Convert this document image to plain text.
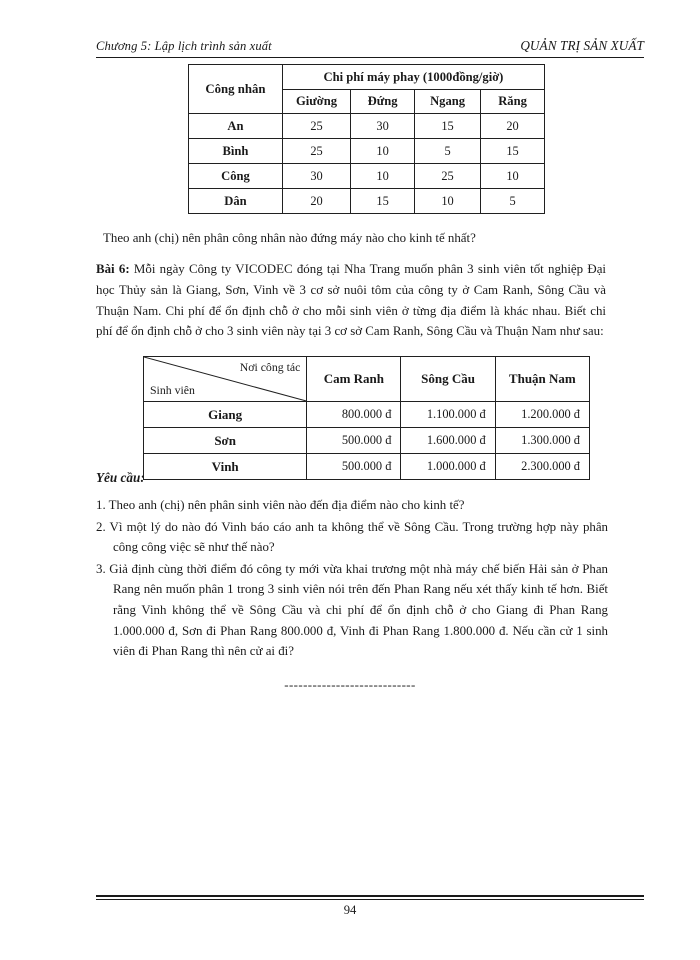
Chương 5: Lập lịch trình sản xuất	QUẢN TRỊ SẢN XUẤT
Công nhân	Chi phí máy phay (1000đồng/giờ)			
	Giường	Đứng	Ngang	Răng
An	25	30	15	20
Bình	25	10	5	15
Công	30	10	25	10
Dân	20	15	10	5
Theo anh (chị) nên phân công nhân nào đứng máy nào cho kinh tế nhất?
Bài 6: Mỗi ngày Công ty VICODEC đóng tại Nha Trang muốn phân 3 sinh viên tốt nghiệp Đại học Thủy sản là Giang, Sơn, Vinh về 3 cơ sở nuôi tôm của công ty ở Cam Ranh, Sông Cầu và Thuận Nam. Chi phí để ổn định chỗ ở cho mỗi sinh viên ở từng địa điểm là khác nhau. Biết chi phí để ổn định chỗ ở cho 3 sinh viên này tại 3 cơ sở Cam Ranh, Sông Cầu và Thuận Nam như sau:
Nơi công tác
Sinh viên	Cam Ranh	Sông Cầu	Thuận Nam
Giang	800.000 đ	1.100.000 đ	1.200.000 đ
Sơn	500.000 đ	1.600.000 đ	1.300.000 đ
Vinh	500.000 đ	1.000.000 đ	2.300.000 đ
Yêu cầu:
1. Theo anh (chị) nên phân sinh viên nào đến địa điểm nào cho kinh tế?
2. Vì một lý do nào đó Vinh báo cáo anh ta không thể về Sông Cầu. Trong trường hợp này phân công công việc sẽ như thế nào?
3. Giả định cùng thời điểm đó công ty mới vừa khai trương một nhà máy chế biến Hải sản ở Phan Rang nên muốn phân 1 trong 3 sinh viên nói trên đến Phan Rang nếu xét thấy kinh tế hơn. Biết rằng Vinh không thể về Sông Cầu và chi phí để ổn định chỗ ở cho Giang đi Phan Rang 1.000.000 đ, Sơn đi Phan Rang 800.000 đ, Vinh đi Phan Rang 1.800.000 đ. Nếu cần cử 1 sinh viên đi Phan Rang thì nên cử ai đi?
----------------------------
94
